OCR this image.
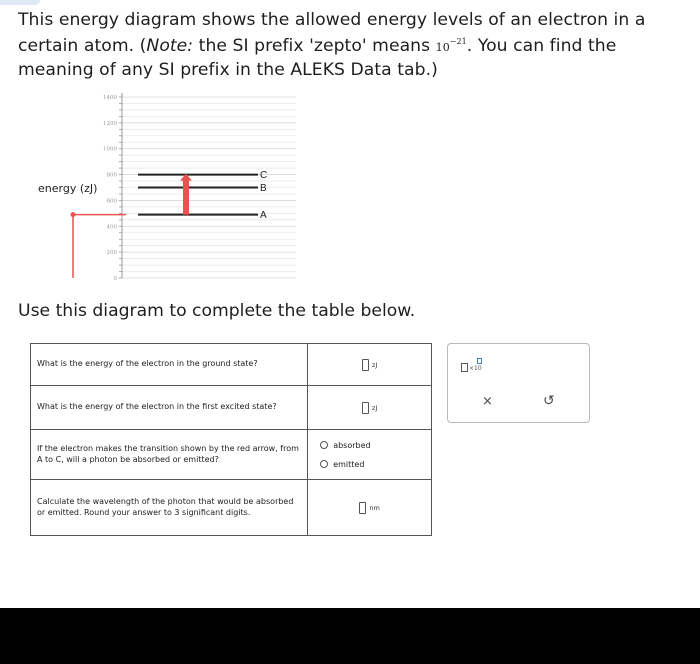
This energy diagram shows the allowed energy levels of an electron in a certain atom. (Note: the SI prefix 'zepto' means $10^{-21}$. You can find the meaning of any SI prefix in the ALEKS Data tab.)
1400
1200
1000
800
600
400
200
0
C
B
A
energy (zJ)
Use this diagram to complete the table below.
What is the energy of the electron in the ground state?	zJ

What is the energy of the electron in the first excited state?	zJ

If the electron makes the transition shown by the red arrow, from A to C, will a photon be absorbed or emitted?	absorbed
emitted

Calculate the wavelength of the photon that would be absorbed or emitted. Round your answer to 3 significant digits.	nm
×10
×	↺
